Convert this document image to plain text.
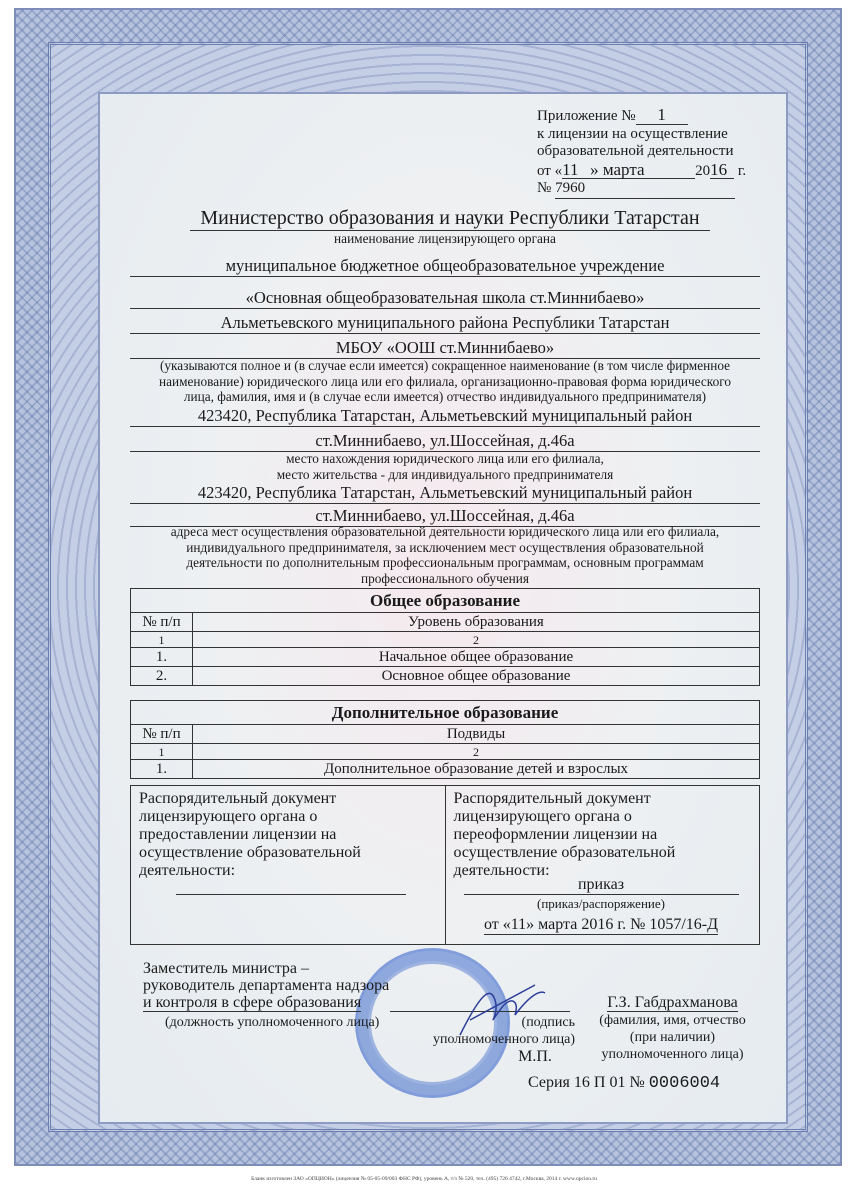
Приложение № 1
к лицензии на осуществление
образовательной деятельности
от «11 » марта	2016 г.
№ 7960
Министерство образования и науки Республики Татарстан
наименование лицензирующего органа
муниципальное бюджетное общеобразовательное учреждение
«Основная общеобразовательная школа ст.Миннибаево»
Альметьевского муниципального района Республики Татарстан
МБОУ «ООШ ст.Миннибаево»
(указываются полное и (в случае если имеется) сокращенное наименование (в том числе фирменное
наименование) юридического лица или его филиала, организационно-правовая форма юридического
лица, фамилия, имя и (в случае если имеется) отчество индивидуального предпринимателя)
423420, Республика Татарстан, Альметьевский муниципальный район
ст.Миннибаево, ул.Шоссейная, д.46а
место нахождения юридического лица или его филиала,
место жительства - для индивидуального предпринимателя
423420, Республика Татарстан, Альметьевский муниципальный район
ст.Миннибаево, ул.Шоссейная, д.46а
адреса мест осуществления образовательной деятельности юридического лица или его филиала,
индивидуального предпринимателя, за исключением мест осуществления образовательной
деятельности по дополнительным профессиональным программам, основным программам
профессионального обучения
Общее образование	
№ п/п	Уровень образования
1	2
1.	Начальное общее образование
2.	Основное общее образование
Дополнительное образование	
№ п/п	Подвиды
1	2
1.	Дополнительное образование детей и взрослых
Распорядительный документ
лицензирующего органа о
предоставлении лицензии на
осуществление образовательной
деятельности:
Распорядительный документ
лицензирующего органа о
переоформлении лицензии на
осуществление образовательной
деятельности:
приказ
(приказ/распоряжение)
от «11» марта 2016 г. № 1057/16-Д
Заместитель министра –
руководитель департамента надзора
и контроля в сфере образования
(должность уполномоченного лица)	(подпись
уполномоченного лица)
М.П.
Г.З. Габдрахманова
(фамилия, имя, отчество
(при наличии)
уполномоченного лица)
Серия 16 П 01 № 0006004
Бланк изготовлен ЗАО «ОПЦИОН» (лицензия № 05-05-09/003 ФНС РФ), уровень А, т/з № 520, тел. (495) 726 4742, г.Москва, 2014 г. www.opcion.ru
